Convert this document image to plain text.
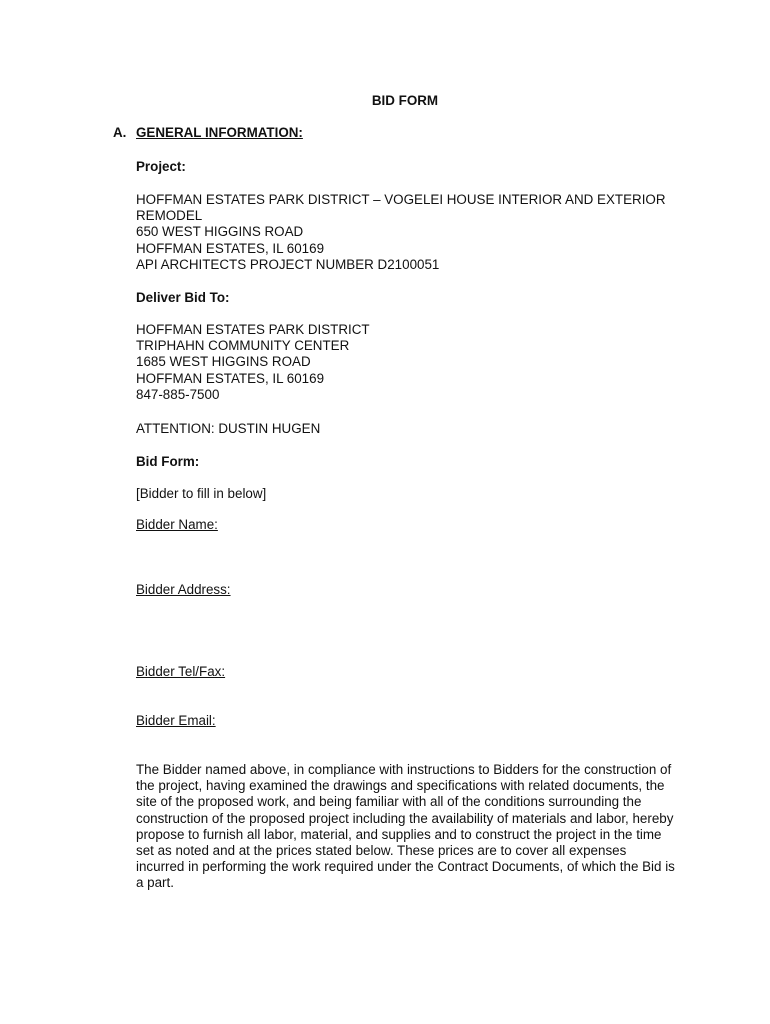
BID FORM
A. GENERAL INFORMATION:
Project:
HOFFMAN ESTATES PARK DISTRICT – VOGELEI HOUSE INTERIOR AND EXTERIOR
REMODEL
650 WEST HIGGINS ROAD
HOFFMAN ESTATES, IL 60169
API ARCHITECTS PROJECT NUMBER D2100051
Deliver Bid To:
HOFFMAN ESTATES PARK DISTRICT
TRIPHAHN COMMUNITY CENTER
1685 WEST HIGGINS ROAD
HOFFMAN ESTATES, IL 60169
847-885-7500
ATTENTION: DUSTIN HUGEN
Bid Form:
[Bidder to fill in below]
Bidder Name:
Bidder Address:
Bidder Tel/Fax:
Bidder Email:
The Bidder named above, in compliance with instructions to Bidders for the construction of
the project, having examined the drawings and specifications with related documents, the
site of the proposed work, and being familiar with all of the conditions surrounding the
construction of the proposed project including the availability of materials and labor, hereby
propose to furnish all labor, material, and supplies and to construct the project in the time
set as noted and at the prices stated below. These prices are to cover all expenses
incurred in performing the work required under the Contract Documents, of which the Bid is
a part.
